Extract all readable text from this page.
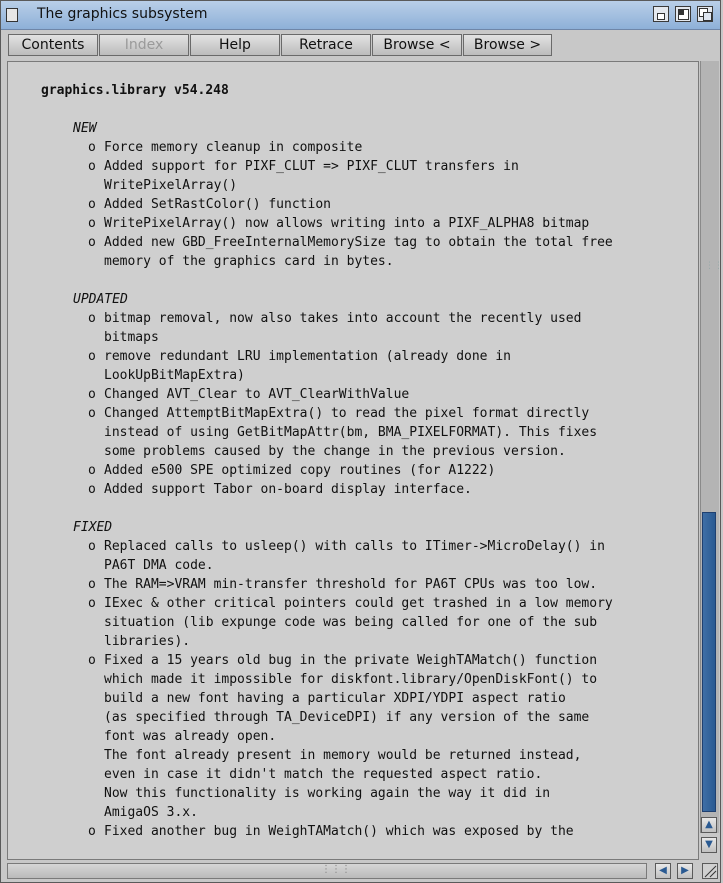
The graphics subsystem
Contents	Index	Help	Retrace	Browse <	Browse >
graphics.library v54.248
NEW
o Force memory cleanup in composite
o Added support for PIXF_CLUT => PIXF_CLUT transfers in
WritePixelArray()
o Added SetRastColor() function
o WritePixelArray() now allows writing into a PIXF_ALPHA8 bitmap
o Added new GBD_FreeInternalMemorySize tag to obtain the total free
memory of the graphics card in bytes.
UPDATED
o bitmap removal, now also takes into account the recently used
bitmaps
o remove redundant LRU implementation (already done in
LookUpBitMapExtra)
o Changed AVT_Clear to AVT_ClearWithValue
o Changed AttemptBitMapExtra() to read the pixel format directly
instead of using GetBitMapAttr(bm, BMA_PIXELFORMAT). This fixes
some problems caused by the change in the previous version.
o Added e500 SPE optimized copy routines (for A1222)
o Added support Tabor on-board display interface.
FIXED
o Replaced calls to usleep() with calls to ITimer->MicroDelay() in
PA6T DMA code.
o The RAM=>VRAM min-transfer threshold for PA6T CPUs was too low.
o IExec & other critical pointers could get trashed in a low memory
situation (lib expunge code was being called for one of the sub
libraries).
o Fixed a 15 years old bug in the private WeighTAMatch() function
which made it impossible for diskfont.library/OpenDiskFont() to
build a new font having a particular XDPI/YDPI aspect ratio
(as specified through TA_DeviceDPI) if any version of the same
font was already open.
The font already present in memory would be returned instead,
even in case it didn't match the requested aspect ratio.
Now this functionality is working again the way it did in
AmigaOS 3.x.
o Fixed another bug in WeighTAMatch() which was exposed by the
⋮⋮
▲
▼
⋮⋮⋮	◀	▶
